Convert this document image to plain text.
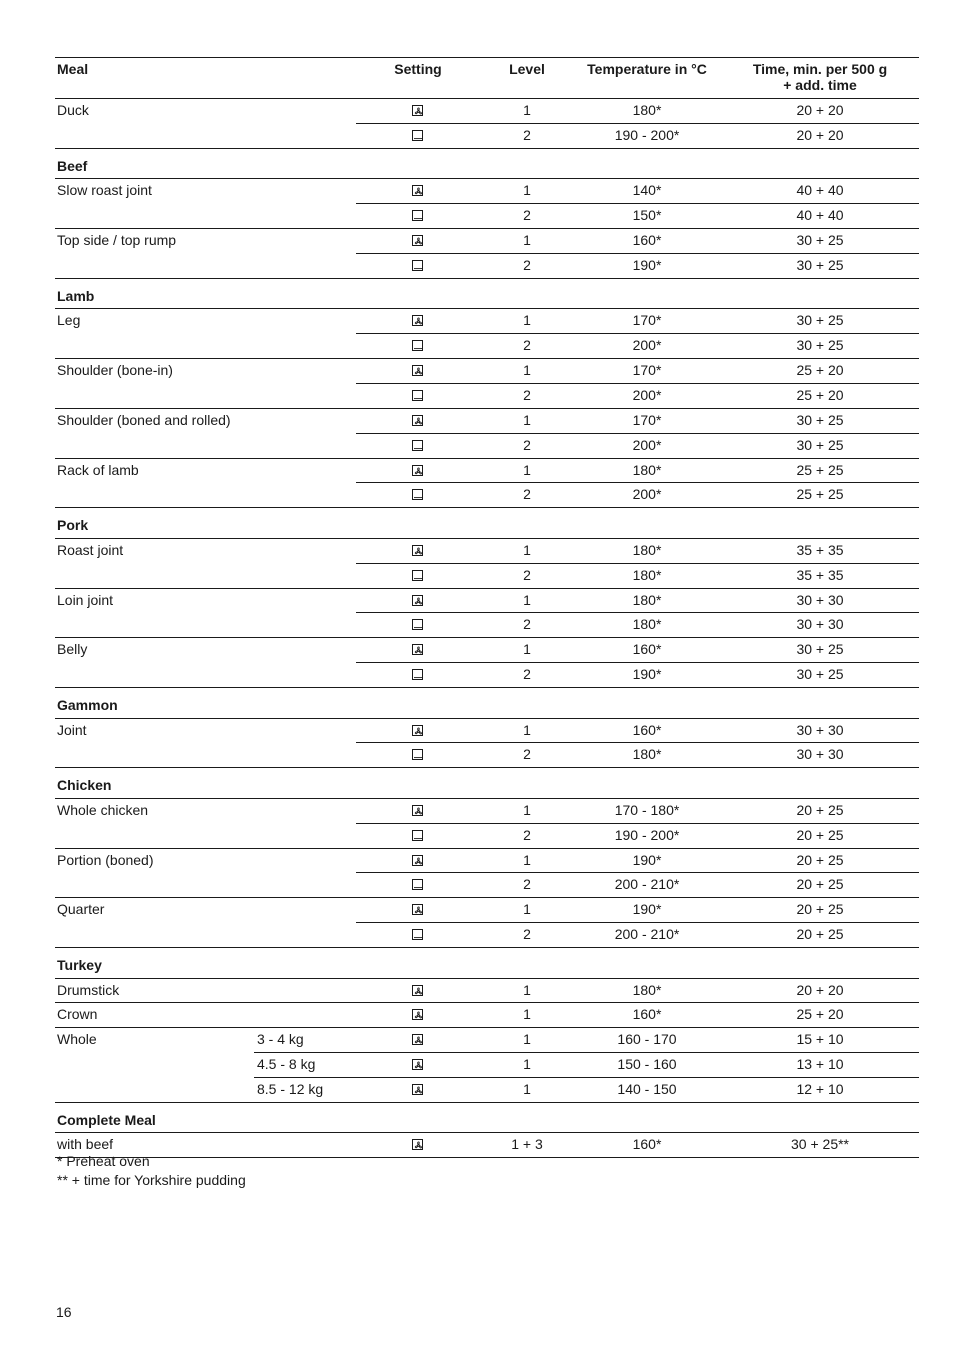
Meal	Setting	Level	Temperature in °C	Time, min. per 500 g
+ add. time
Duck	1	180*	20 + 20
2	190 - 200*	20 + 20
Beef
Slow roast joint	1	140*	40 + 40
2	150*	40 + 40
Top side / top rump	1	160*	30 + 25
2	190*	30 + 25
Lamb
Leg	1	170*	30 + 25
2	200*	30 + 25
Shoulder (bone-in)	1	170*	25 + 20
2	200*	25 + 20
Shoulder (boned and rolled)	1	170*	30 + 25
2	200*	30 + 25
Rack of lamb	1	180*	25 + 25
2	200*	25 + 25
Pork
Roast joint	1	180*	35 + 35
2	180*	35 + 35
Loin joint	1	180*	30 + 30
2	180*	30 + 30
Belly	1	160*	30 + 25
2	190*	30 + 25
Gammon
Joint	1	160*	30 + 30
2	180*	30 + 30
Chicken
Whole chicken	1	170 - 180*	20 + 25
2	190 - 200*	20 + 25
Portion (boned)	1	190*	20 + 25
2	200 - 210*	20 + 25
Quarter	1	190*	20 + 25
2	200 - 210*	20 + 25
Turkey
Drumstick	1	180*	20 + 20
Crown	1	160*	25 + 20
Whole	3 - 4 kg	1	160 - 170	15 + 10
4.5 - 8 kg	1	150 - 160	13 + 10
8.5 - 12 kg	1	140 - 150	12 + 10
Complete Meal
with beef	1 + 3	160*	30 + 25**
* Preheat oven
** + time for Yorkshire pudding
16
